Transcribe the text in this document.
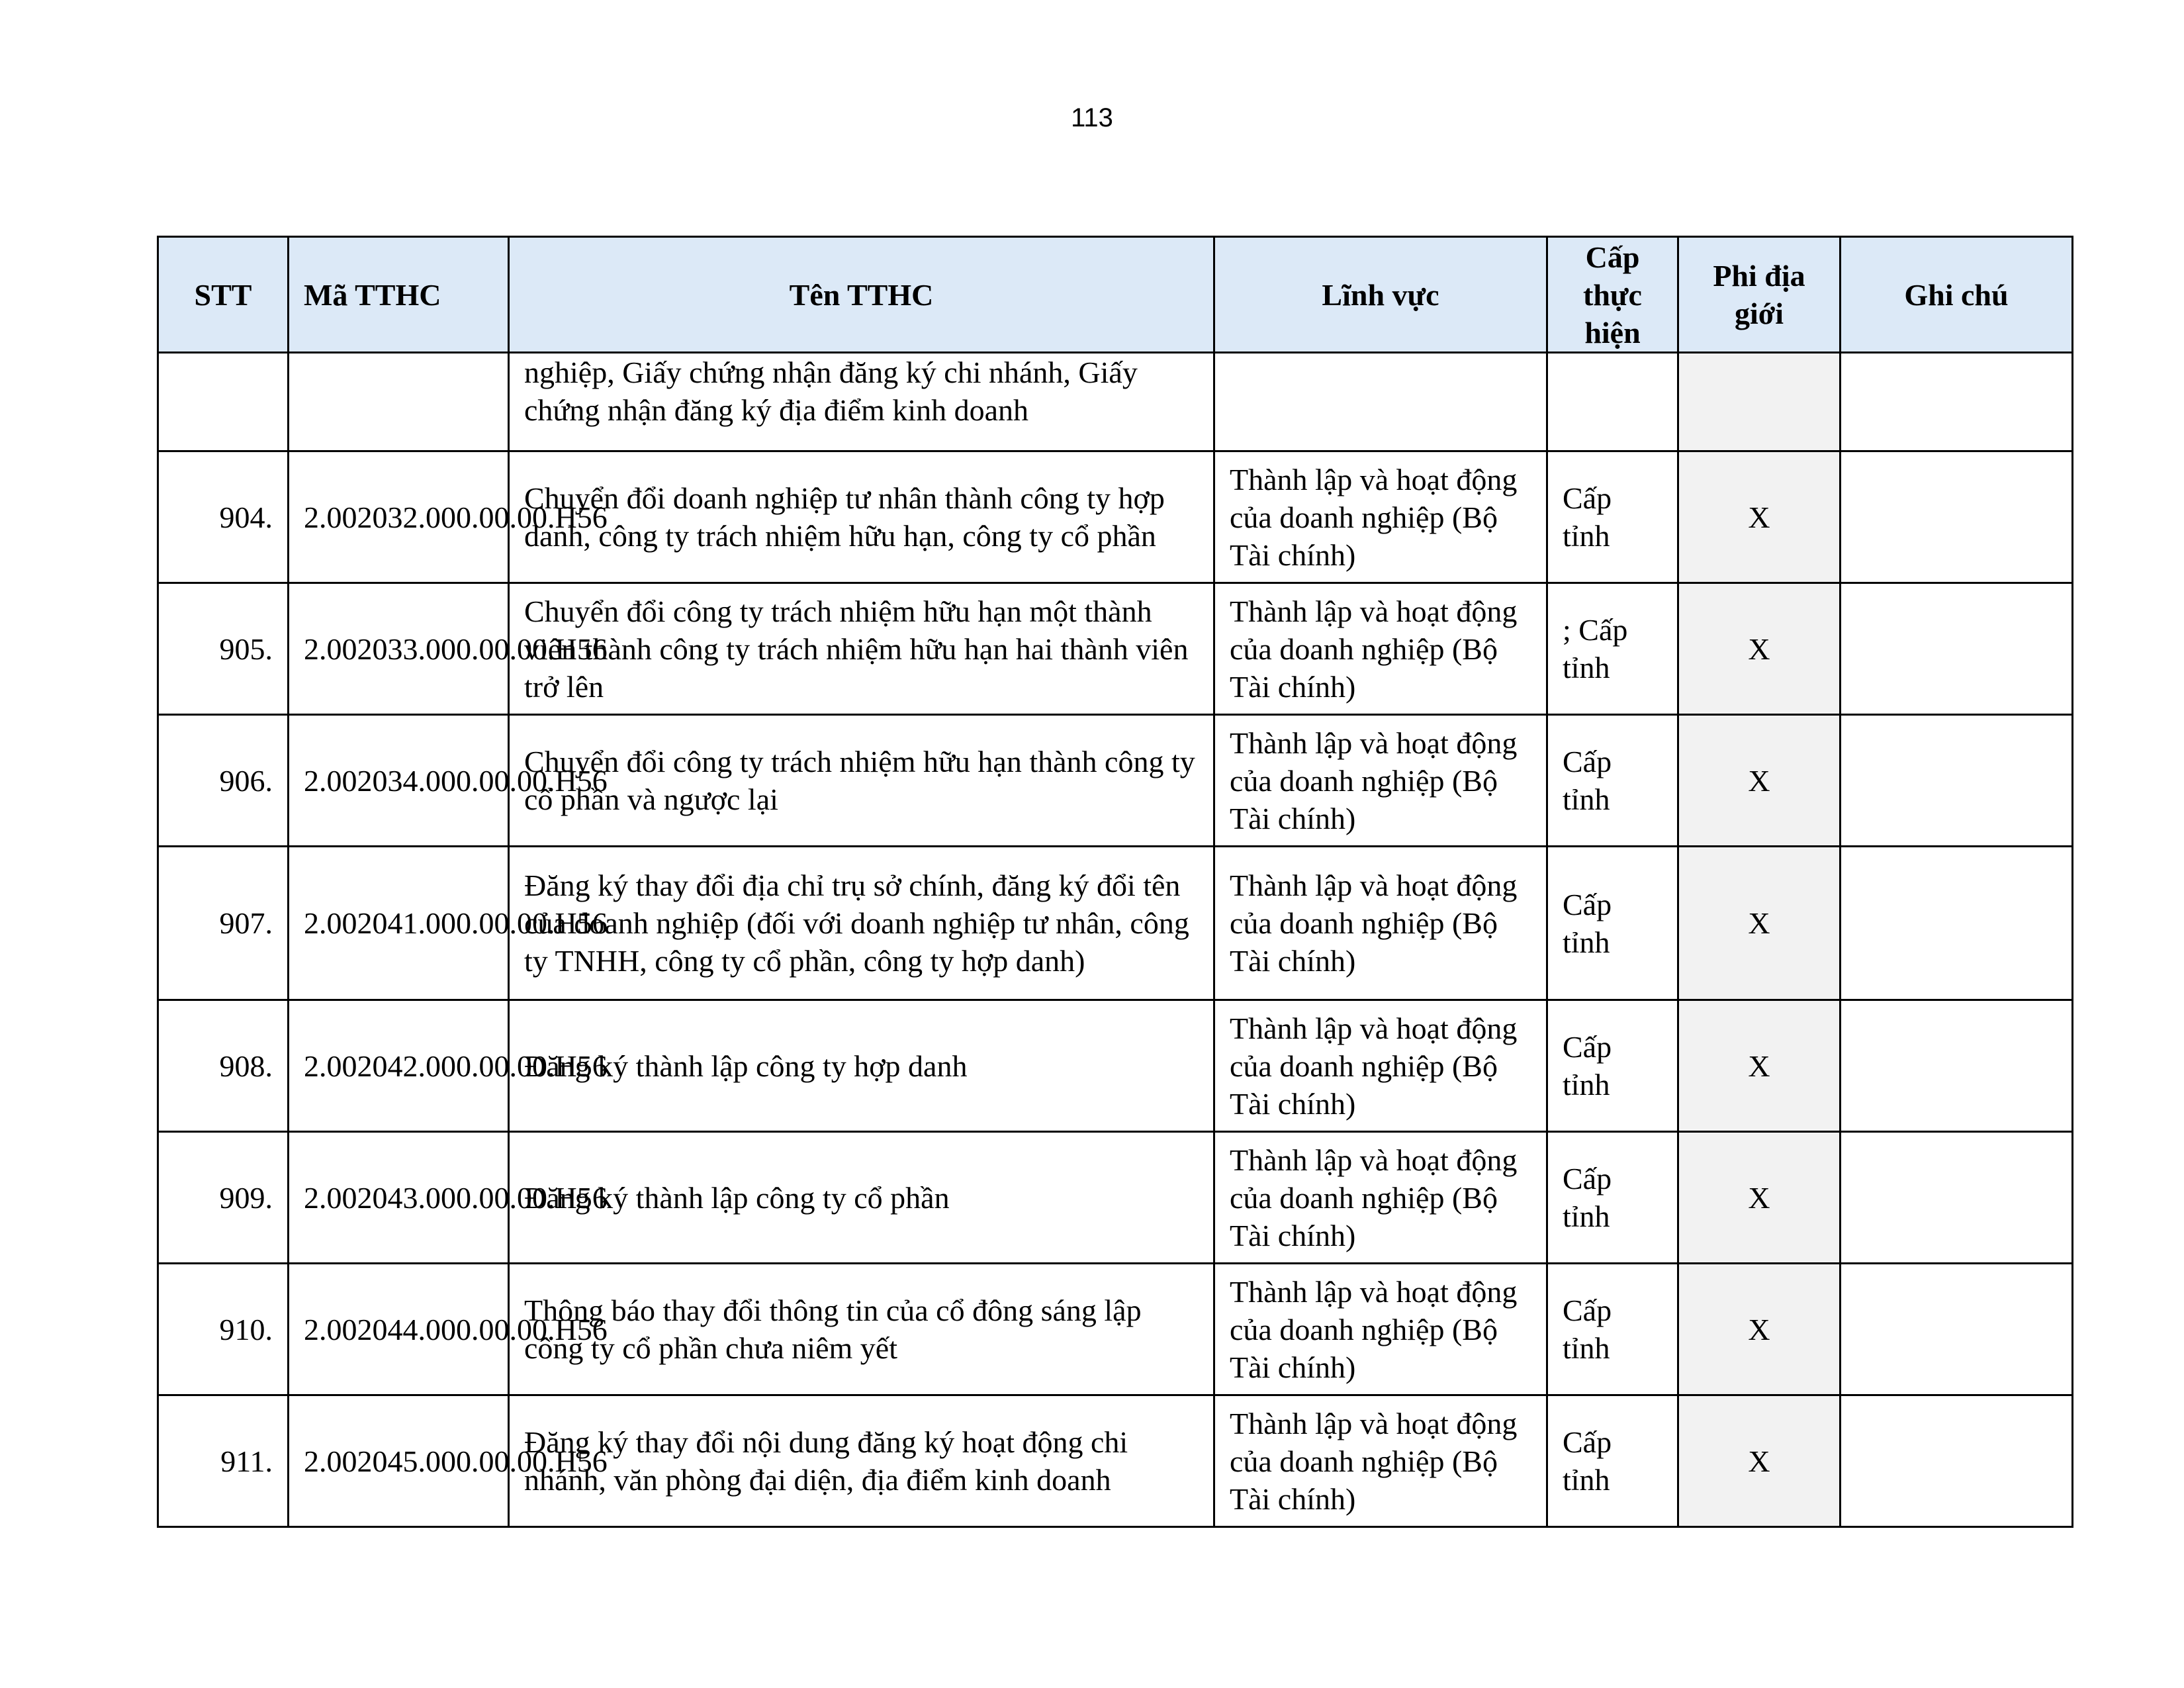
113
STT	Mã TTHC	Tên TTHC	Lĩnh vực	Cấp thực hiện	Phi địa giới	Ghi chú
		nghiệp, Giấy chứng nhận đăng ký chi nhánh, Giấy chứng nhận đăng ký địa điểm kinh doanh				
904.	2.002032.000.00.00.H56	Chuyển đổi doanh nghiệp tư nhân thành công ty hợp danh, công ty trách nhiệm hữu hạn, công ty cổ phần	Thành lập và hoạt động của doanh nghiệp (Bộ Tài chính)	Cấp tỉnh	X	
905.	2.002033.000.00.00.H56	Chuyển đổi công ty trách nhiệm hữu hạn một thành viên thành công ty trách nhiệm hữu hạn hai thành viên trở lên	Thành lập và hoạt động của doanh nghiệp (Bộ Tài chính)	; Cấp tỉnh	X	
906.	2.002034.000.00.00.H56	Chuyển đổi công ty trách nhiệm hữu hạn thành công ty cổ phần và ngược lại	Thành lập và hoạt động của doanh nghiệp (Bộ Tài chính)	Cấp tỉnh	X	
907.	2.002041.000.00.00.H56	Đăng ký thay đổi địa chỉ trụ sở chính, đăng ký đổi tên của doanh nghiệp (đối với doanh nghiệp tư nhân, công ty TNHH, công ty cổ phần, công ty hợp danh)	Thành lập và hoạt động của doanh nghiệp (Bộ Tài chính)	Cấp tỉnh	X	
908.	2.002042.000.00.00.H56	Đăng ký thành lập công ty hợp danh	Thành lập và hoạt động của doanh nghiệp (Bộ Tài chính)	Cấp tỉnh	X	
909.	2.002043.000.00.00.H56	Đăng ký thành lập công ty cổ phần	Thành lập và hoạt động của doanh nghiệp (Bộ Tài chính)	Cấp tỉnh	X	
910.	2.002044.000.00.00.H56	Thông báo thay đổi thông tin của cổ đông sáng lập công ty cổ phần chưa niêm yết	Thành lập và hoạt động của doanh nghiệp (Bộ Tài chính)	Cấp tỉnh	X	
911.	2.002045.000.00.00.H56	Đăng ký thay đổi nội dung đăng ký hoạt động chi nhánh, văn phòng đại diện, địa điểm kinh doanh	Thành lập và hoạt động của doanh nghiệp (Bộ Tài chính)	Cấp tỉnh	X	
